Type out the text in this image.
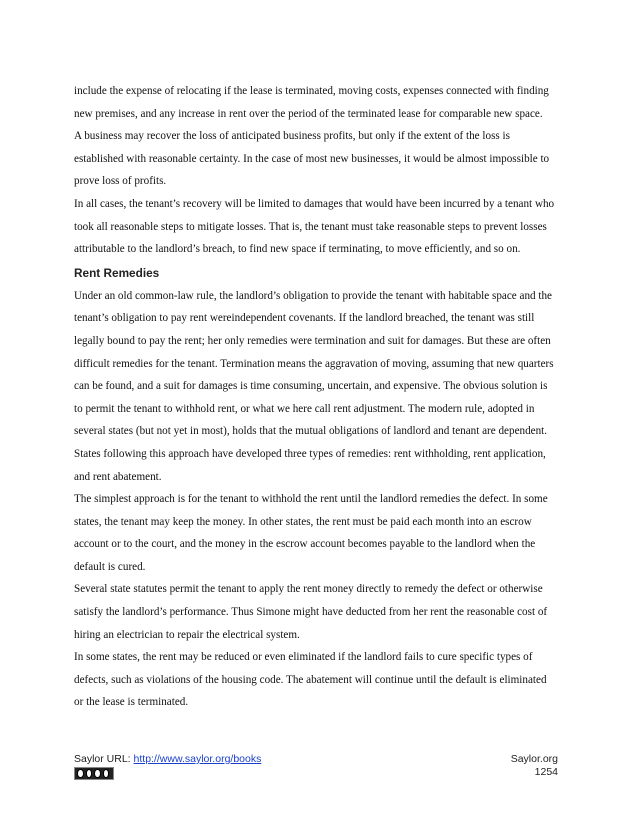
include the expense of relocating if the lease is terminated, moving costs, expenses connected with finding new premises, and any increase in rent over the period of the terminated lease for comparable new space.

A business may recover the loss of anticipated business profits, but only if the extent of the loss is established with reasonable certainty. In the case of most new businesses, it would be almost impossible to prove loss of profits.

In all cases, the tenant’s recovery will be limited to damages that would have been incurred by a tenant who took all reasonable steps to mitigate losses. That is, the tenant must take reasonable steps to prevent losses attributable to the landlord’s breach, to find new space if terminating, to move efficiently, and so on.

Rent Remedies

Under an old common-law rule, the landlord’s obligation to provide the tenant with habitable space and the tenant’s obligation to pay rent wereindependent covenants. If the landlord breached, the tenant was still legally bound to pay the rent; her only remedies were termination and suit for damages. But these are often difficult remedies for the tenant. Termination means the aggravation of moving, assuming that new quarters can be found, and a suit for damages is time consuming, uncertain, and expensive. The obvious solution is to permit the tenant to withhold rent, or what we here call rent adjustment. The modern rule, adopted in several states (but not yet in most), holds that the mutual obligations of landlord and tenant are dependent. States following this approach have developed three types of remedies: rent withholding, rent application, and rent abatement.

The simplest approach is for the tenant to withhold the rent until the landlord remedies the defect. In some states, the tenant may keep the money. In other states, the rent must be paid each month into an escrow account or to the court, and the money in the escrow account becomes payable to the landlord when the default is cured.

Several state statutes permit the tenant to apply the rent money directly to remedy the defect or otherwise satisfy the landlord’s performance. Thus Simone might have deducted from her rent the reasonable cost of hiring an electrician to repair the electrical system.

In some states, the rent may be reduced or even eliminated if the landlord fails to cure specific types of defects, such as violations of the housing code. The abatement will continue until the default is eliminated or the lease is terminated.

Saylor URL: http://www.saylor.org/books	Saylor.org
1254
